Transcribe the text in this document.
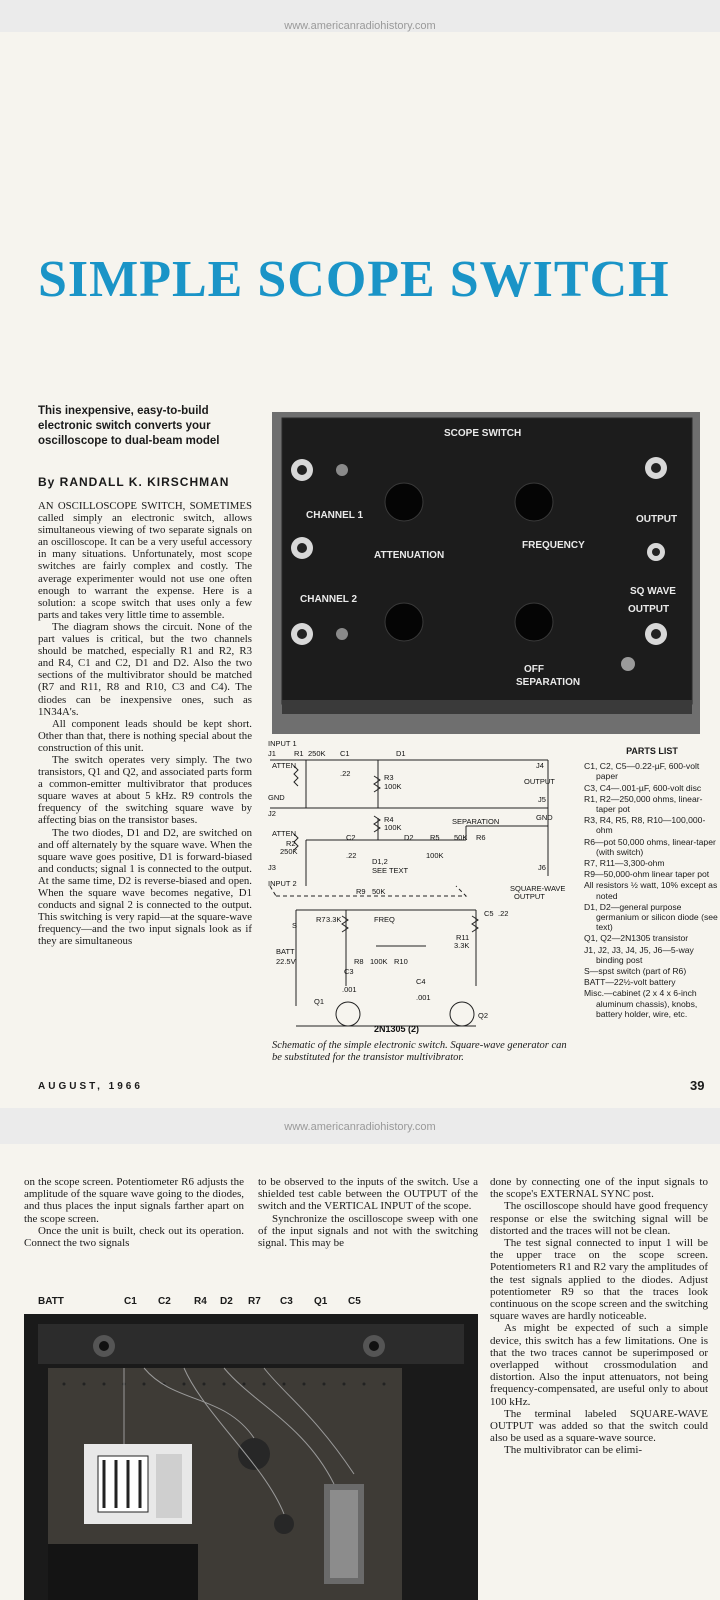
www.americanradiohistory.com
SIMPLE SCOPE SWITCH
This inexpensive, easy-to-build electronic switch converts your oscilloscope to dual-beam model
By RANDALL K. KIRSCHMAN

AN OSCILLOSCOPE SWITCH, SOMETIMES called simply an electronic switch, allows simultaneous viewing of two separate signals on an oscilloscope. It can be a very useful accessory in many situations. Unfortunately, most scope switches are fairly complex and costly. The average experimenter would not use one often enough to warrant the expense. Here is a solution: a scope switch that uses only a few parts and takes very little time to assemble.

The diagram shows the circuit. None of the part values is critical, but the two channels should be matched, especially R1 and R2, R3 and R4, C1 and C2, D1 and D2. Also the two sections of the multivibrator should be matched (R7 and R11, R8 and R10, C3 and C4). The diodes can be inexpensive ones, such as 1N34A's.

All component leads should be kept short. Other than that, there is nothing special about the construction of this unit.

The switch operates very simply. The two transistors, Q1 and Q2, and associated parts form a common-emitter multivibrator that produces square waves at about 5 kHz. R9 controls the frequency of the switching square wave by affecting bias on the transistor bases.

The two diodes, D1 and D2, are switched on and off alternately by the square wave. When the square wave goes positive, D1 is forward-biased and conducts; signal 1 is connected to the output. At the same time, D2 is reverse-biased and open. When the square wave becomes negative, D1 conducts and signal 2 is connected to the output. This switching is very rapid—at the square-wave frequency—and the two input signals look as if they are simultaneous

SCOPE SWITCH
CHANNEL 1
ATTENUATION
FREQUENCY
OUTPUT
CHANNEL 2
SQ WAVE
OUTPUT
OFF
SEPARATION
INPUT 1
J1 R1 250K C1
.22
ATTEN
R3
100K
D1
J4
OUTPUT
GND	J5
GND
J2
R4
100K
SEPARATION
ATTEN
R2
250K
C2
.22
D2 R5
100K
50K R6
D1,2
SEE TEXT
J3
INPUT 2
J6
SQUARE-WAVE
OUTPUT
R9 50K
FREQ
R7 3.3K
C5 .22
R11
3.3K
S
BATT
22.5V	R8 100K R10
C3
.001
C4
.001
Q1
Q2
2N1305 (2)
Schematic of the simple electronic switch. Square-wave generator can be substituted for the transistor multivibrator.
PARTS LIST
C1, C2, C5—0.22-µF, 600-volt paper
C3, C4—.001-µF, 600-volt disc
R1, R2—250,000 ohms, linear-taper pot
R3, R4, R5, R8, R10—100,000-ohm
R6—pot 50,000 ohms, linear-taper (with switch)
R7, R11—3,300-ohm
R9—50,000-ohm linear taper pot
All resistors ½ watt, 10% except as noted
D1, D2—general purpose germanium or silicon diode (see text)
Q1, Q2—2N1305 transistor
J1, J2, J3, J4, J5, J6—5-way binding post
S—spst switch (part of R6)
BATT—22½-volt battery
Misc.—cabinet (2 x 4 x 6-inch aluminum chassis), knobs, battery holder, wire, etc.
AUGUST, 1966	39
www.americanradiohistory.com

on the scope screen. Potentiometer R6 adjusts the amplitude of the square wave going to the diodes, and thus places the input signals farther apart on the scope screen.

Once the unit is built, check out its operation. Connect the two signals

to be observed to the inputs of the switch. Use a shielded test cable between the OUTPUT of the switch and the VERTICAL INPUT of the scope.

Synchronize the oscilloscope sweep with one of the input signals and not with the switching signal. This may be

done by connecting one of the input signals to the scope's EXTERNAL SYNC post.

The oscilloscope should have good frequency response or else the switching signal will be distorted and the traces will not be clean.

The test signal connected to input 1 will be the upper trace on the scope screen. Potentiometers R1 and R2 vary the amplitudes of the test signals applied to the diodes. Adjust potentiometer R9 so that the traces look continuous on the scope screen and the switching square waves are hardly noticeable.

As might be expected of such a simple device, this switch has a few limitations. One is that the two traces cannot be superimposed or overlapped without crossmodulation and distortion. Also the input attenuators, not being frequency-compensated, are useful only to about 100 kHz.

The terminal labeled SQUARE-WAVE OUTPUT was added so that the switch could also be used as a square-wave source.

The multivibrator can be elimi-

BATT	C1 C2 R4 D2 R7 C3 Q1 C5
